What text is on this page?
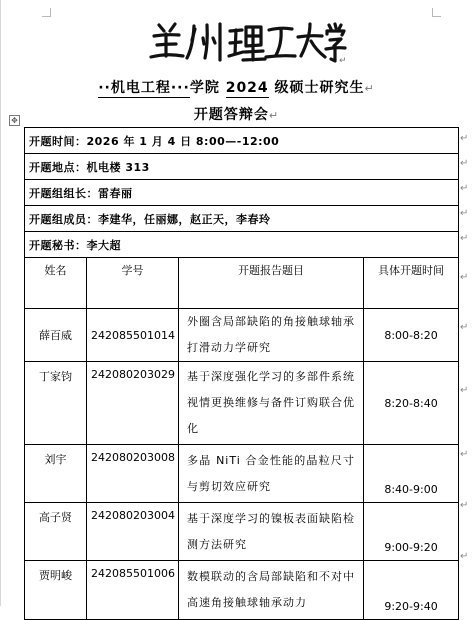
↵
··机电工程···学院 2024 级硕士研究生↵
开题答辩会↵
✥
开题时间：2026 年 1 月 4 日 8:00—-12:00			
开题地点：机电楼 313			
开题组组长：雷春丽			
开题组成员：李建华，任丽娜，赵正天，李春玲			
开题秘书：李大超			
姓名	学号	开题报告题目	具体开题时间
薛百威	242085501014	外圈含局部缺陷的角接触球轴承打滑动力学研究	8:00-8:20
丁家钧	242080203029	基于深度强化学习的多部件系统视情更换维修与备件订购联合优化	8:20-8:40
刘宇	242080203008	多晶 NiTi 合金性能的晶粒尺寸与剪切效应研究	8:40-9:00
高子贤	242080203004	基于深度学习的镍板表面缺陷检测方法研究	9:00-9:20
贾明峻	242085501006	数模联动的含局部缺陷和不对中高速角接触球轴承动力	9:20-9:40
↵
↵
↵
↵
↵
↵
↵
↵
↵
↵
↵
